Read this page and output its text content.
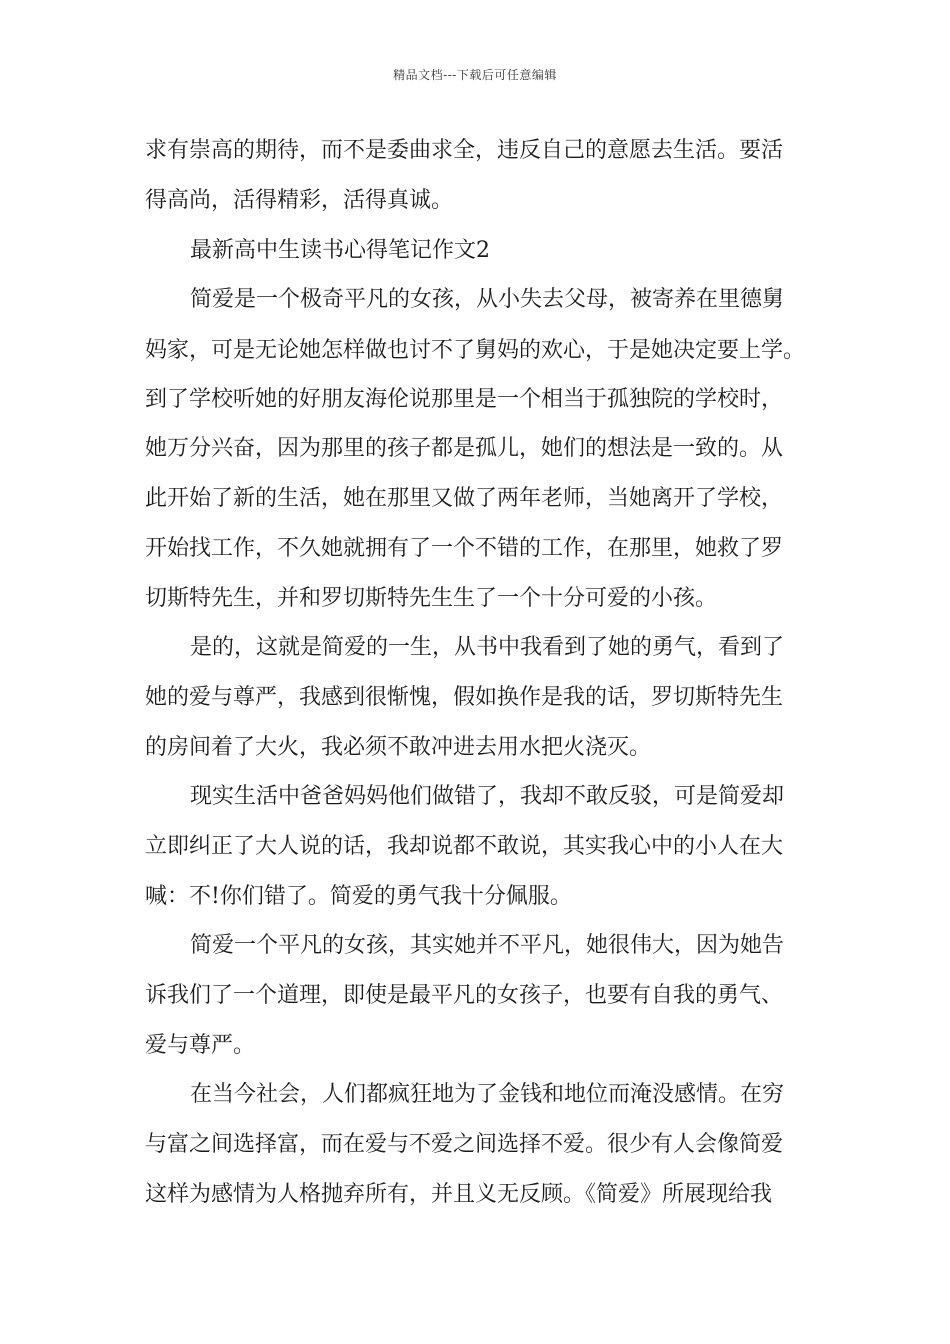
精品文档---下载后可任意编辑
求有崇高的期待，而不是委曲求全，违反自己的意愿去生活。要活
得高尚，活得精彩，活得真诚。
最新高中生读书心得笔记作文2
简爱是一个极奇平凡的女孩，从小失去父母，被寄养在里德舅
妈家，可是无论她怎样做也讨不了舅妈的欢心，于是她决定要上学。
到了学校听她的好朋友海伦说那里是一个相当于孤独院的学校时，
她万分兴奋，因为那里的孩子都是孤儿，她们的想法是一致的。从
此开始了新的生活，她在那里又做了两年老师，当她离开了学校，
开始找工作，不久她就拥有了一个不错的工作，在那里，她救了罗
切斯特先生，并和罗切斯特先生生了一个十分可爱的小孩。
是的，这就是简爱的一生，从书中我看到了她的勇气，看到了
她的爱与尊严，我感到很惭愧，假如换作是我的话，罗切斯特先生
的房间着了大火，我必须不敢冲进去用水把火浇灭。
现实生活中爸爸妈妈他们做错了，我却不敢反驳，可是简爱却
立即纠正了大人说的话，我却说都不敢说，其实我心中的小人在大
喊：不!你们错了。简爱的勇气我十分佩服。
简爱一个平凡的女孩，其实她并不平凡，她很伟大，因为她告
诉我们了一个道理，即使是最平凡的女孩子，也要有自我的勇气、
爱与尊严。
在当今社会，人们都疯狂地为了金钱和地位而淹没感情。在穷
与富之间选择富，而在爱与不爱之间选择不爱。很少有人会像简爱
这样为感情为人格抛弃所有，并且义无反顾。《简爱》所展现给我
